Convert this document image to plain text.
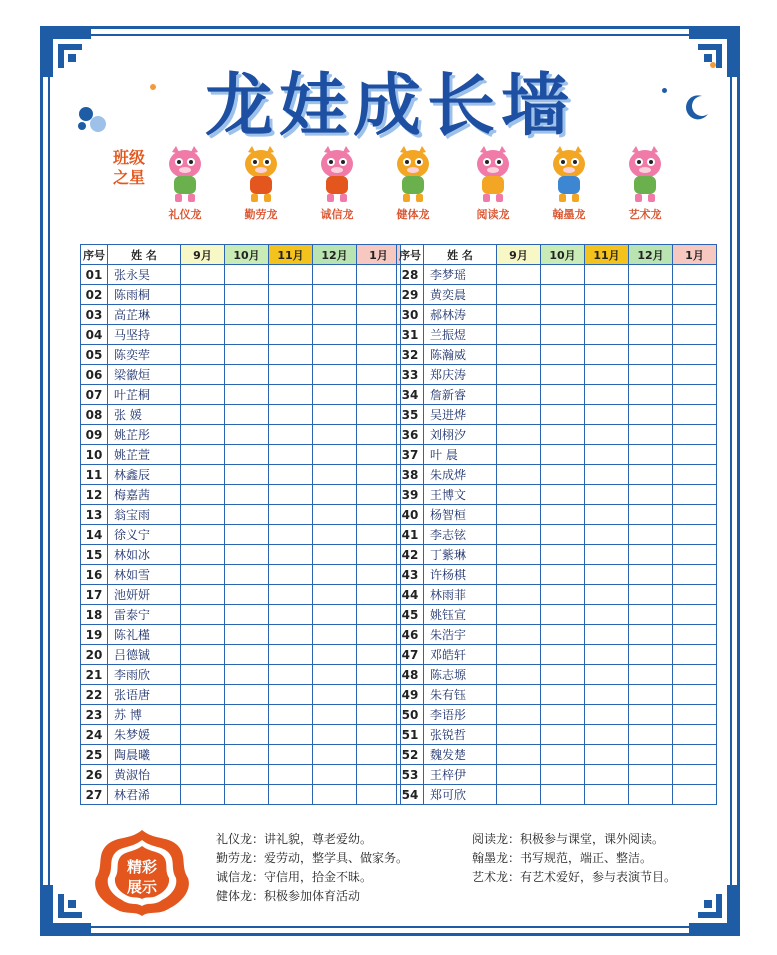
龙娃成长墙
班级之星
礼仪龙	勤劳龙	诚信龙	健体龙	阅读龙	翰墨龙	艺术龙
序号	姓 名	9月	10月	11月	12月	1月
01	张永昊					
02	陈雨桐					
03	高芷琳					
04	马坚持					
05	陈奕荦					
06	梁徽烜					
07	叶芷桐					
08	张 媛					
09	姚芷彤					
10	姚芷萱					
11	林鑫辰					
12	梅嘉茜					
13	翁宝雨					
14	徐义宁					
15	林如冰					
16	林如雪					
17	池妍妍					
18	雷泰宁					
19	陈礼槿					
20	吕德铖					
21	李雨欣					
22	张语唐					
23	苏 博					
24	朱梦媛					
25	陶晨曦					
26	黄淑怡					
27	林君浠					
序号	姓 名	9月	10月	11月	12月	1月
28	李梦瑶					
29	黄奕晨					
30	郝林涛					
31	兰振煜					
32	陈瀚威					
33	郑庆涛					
34	詹新睿					
35	吴进烨					
36	刘栩汐					
37	叶 晨					
38	朱成烨					
39	王博文					
40	杨智桓					
41	李志铉					
42	丁紫琳					
43	许杨棋					
44	林雨菲					
45	姚钰宣					
46	朱浩宇					
47	邓皓轩					
48	陈志塬					
49	朱有钰					
50	李语彤					
51	张锐哲					
52	魏发楚					
53	王梓伊					
54	郑可欣					
精彩
展示
礼仪龙：讲礼貌，尊老爱幼。
勤劳龙：爱劳动，整学具、做家务。
诚信龙：守信用，拾金不昧。
健体龙：积极参加体育活动
阅读龙：积极参与课堂，课外阅读。
翰墨龙：书写规范，端正、整洁。
艺术龙：有艺术爱好，参与表演节目。
